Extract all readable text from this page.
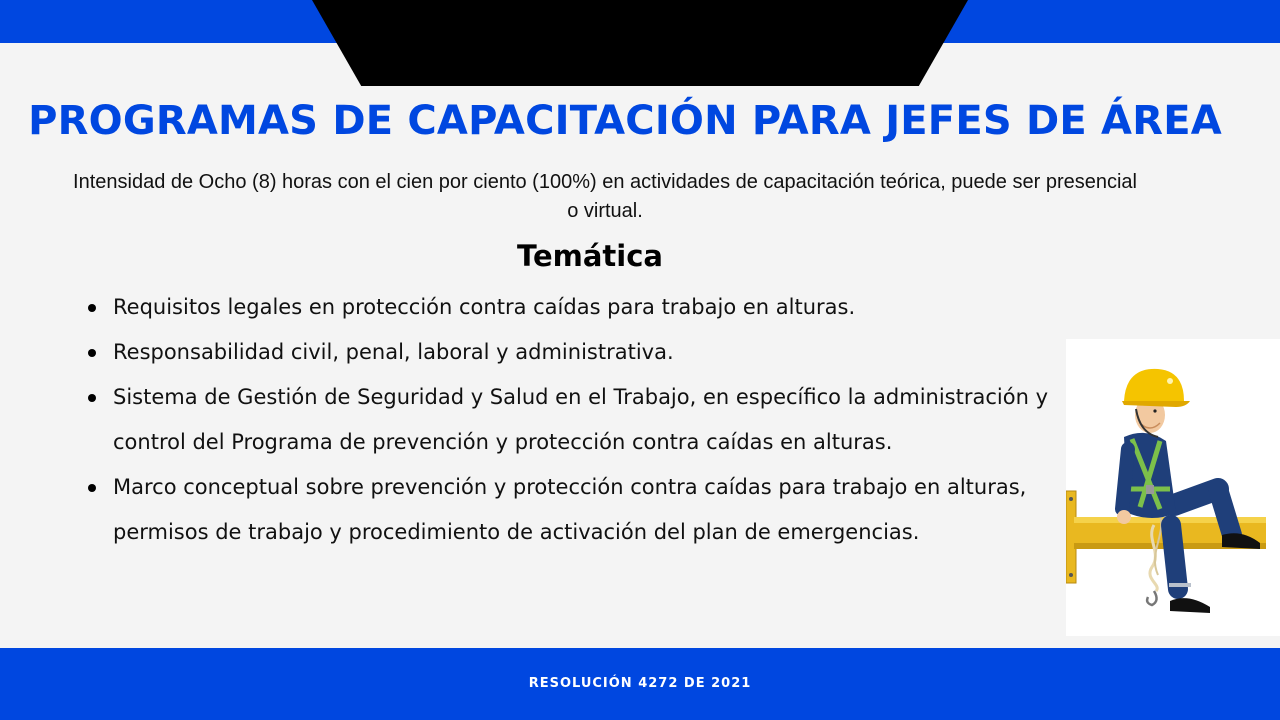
PROGRAMAS DE CAPACITACIÓN PARA JEFES DE ÁREA

Intensidad de Ocho (8) horas con el cien por ciento (100%) en actividades de capacitación teórica, puede ser presencial o virtual.

Temática
Requisitos legales en protección contra caídas para trabajo en alturas.
Responsabilidad civil, penal, laboral y administrativa.
Sistema de Gestión de Seguridad y Salud en el Trabajo, en específico la administración y control del Programa de prevención y protección contra caídas en alturas.
Marco conceptual sobre prevención y protección contra caídas para trabajo en alturas, permisos de trabajo y procedimiento de activación del plan de emergencias.
RESOLUCIÓN 4272 DE 2021
